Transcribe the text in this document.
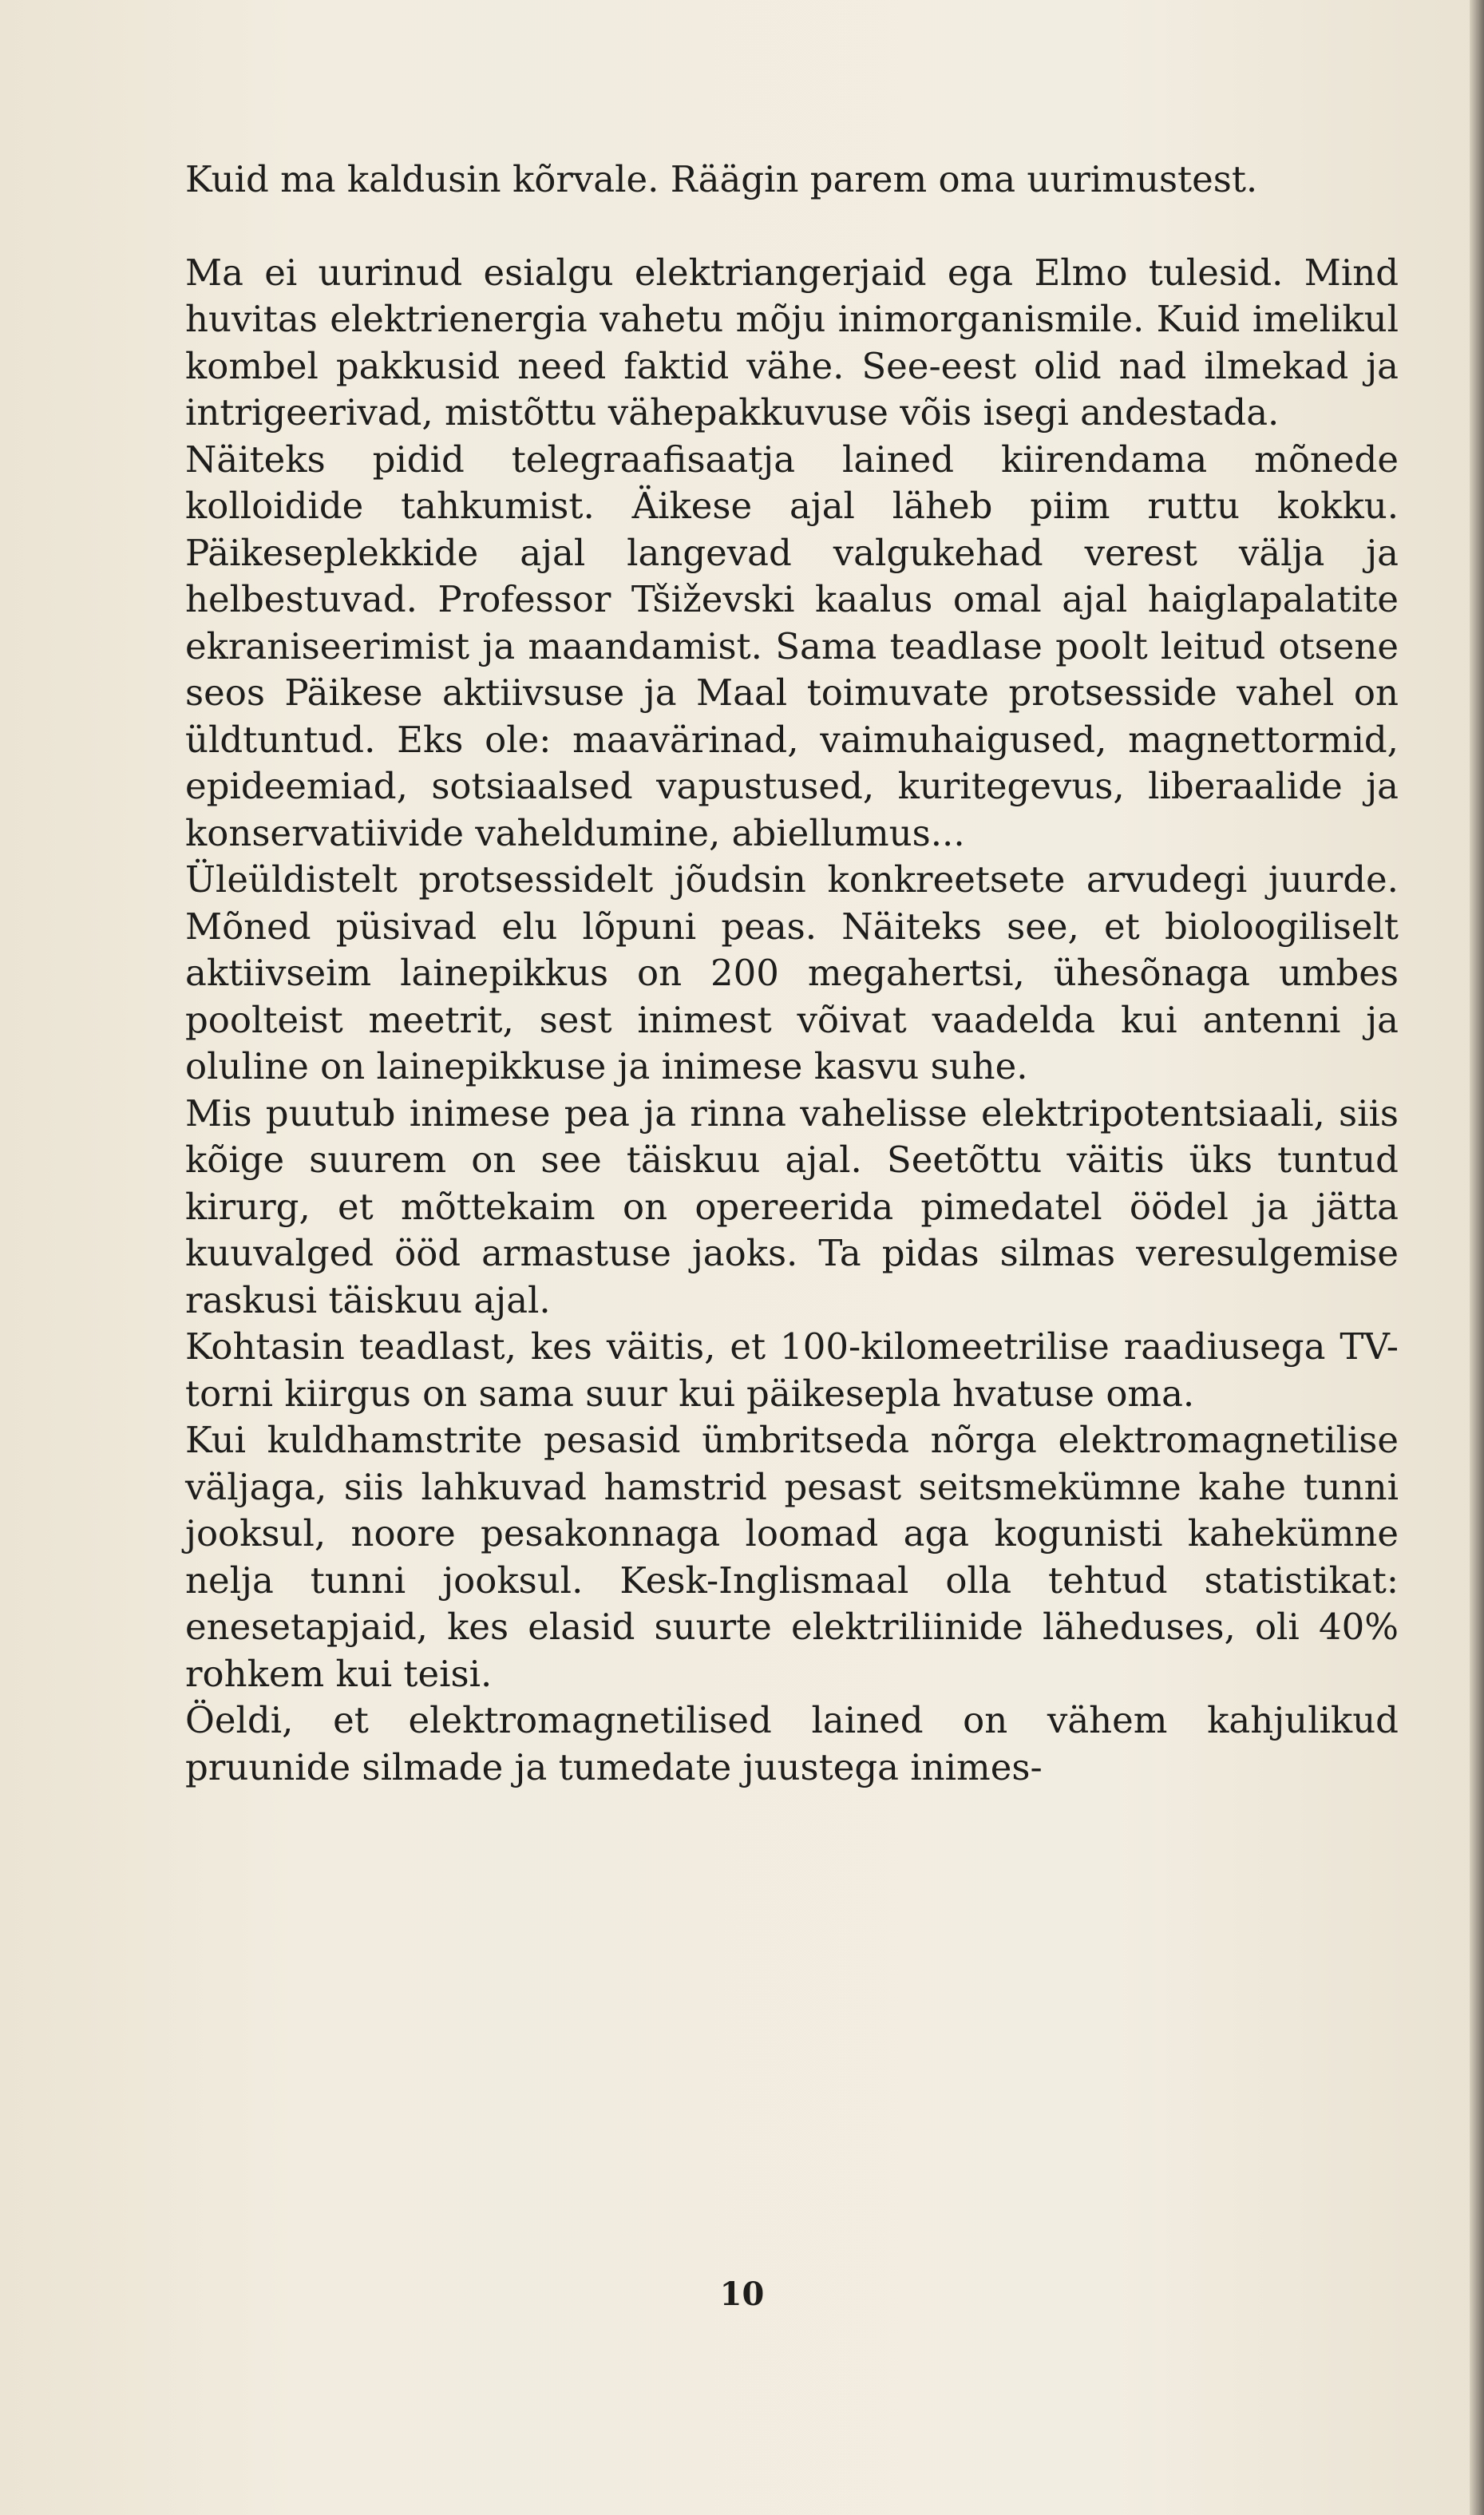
Kuid ma kaldusin kõrvale. Räägin parem oma uurimustest.

Ma ei uurinud esialgu elektriangerjaid ega Elmo tulesid. Mind huvitas elektrienergia vahetu mõju inimorganismile. Kuid imelikul kombel pakkusid need faktid vähe. See-eest olid nad ilmekad ja intrigeerivad, mistõttu vähepakkuvuse võis isegi andestada.

Näiteks pidid telegraafisaatja lained kiirendama mõnede kolloidide tahkumist. Äikese ajal läheb piim ruttu kokku. Päikeseplekkide ajal langevad valgukehad verest välja ja helbestuvad. Professor Tšiževski kaalus omal ajal haiglapalatite ekraniseerimist ja maandamist. Sama teadlase poolt leitud otsene seos Päikese aktiivsuse ja Maal toimuvate protsesside vahel on üldtuntud. Eks ole: maavärinad, vaimuhaigused, magnettormid, epideemiad, sotsiaalsed vapustused, kuritegevus, liberaalide ja konservatiivide vaheldumine, abiellumus...

Üleüldistelt protsessidelt jõudsin konkreetsete arvudegi juurde. Mõned püsivad elu lõpuni peas. Näiteks see, et bioloogiliselt aktiivseim lainepikkus on 200 megahertsi, ühesõnaga umbes poolteist meetrit, sest inimest võivat vaadelda kui antenni ja oluline on lainepikkuse ja inimese kasvu suhe.

Mis puutub inimese pea ja rinna vahelisse elektripotentsiaali, siis kõige suurem on see täiskuu ajal. Seetõttu väitis üks tuntud kirurg, et mõttekaim on opereerida pimedatel öödel ja jätta kuuvalged ööd armastuse jaoks. Ta pidas silmas veresulgemise raskusi täiskuu ajal.

Kohtasin teadlast, kes väitis, et 100-kilomeetrilise raadiusega TV-torni kiirgus on sama suur kui päikesepla hvatuse oma.

Kui kuldhamstrite pesasid ümbritseda nõrga elektromagnetilise väljaga, siis lahkuvad hamstrid pesast seitsmekümne kahe tunni jooksul, noore pesakonnaga loomad aga kogunisti kahekümne nelja tunni jooksul. Kesk-Inglismaal olla tehtud statistikat: enesetapjaid, kes elasid suurte elektriliinide läheduses, oli 40% rohkem kui teisi.

Öeldi, et elektromagnetilised lained on vähem kahjulikud pruunide silmade ja tumedate juustega inimes-

10
